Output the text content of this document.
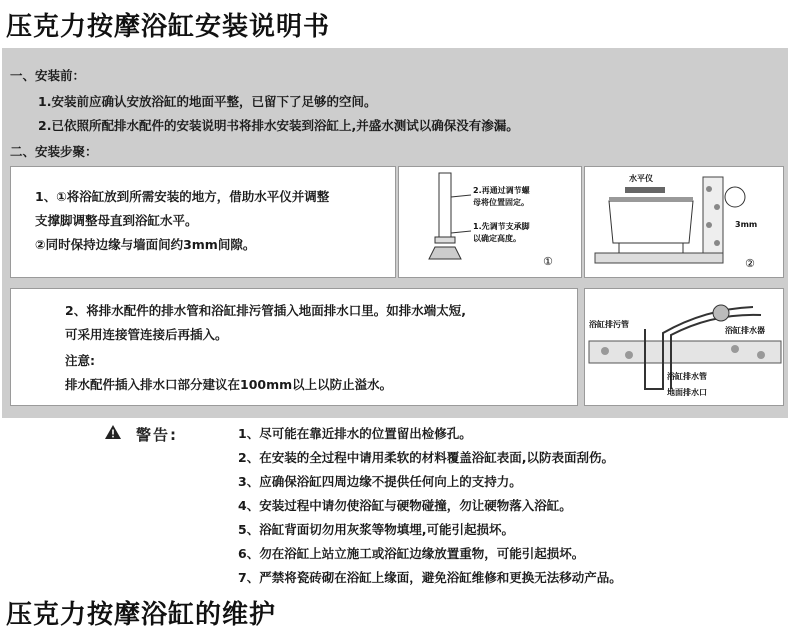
压克力按摩浴缸安装说明书
一、安装前：
1.安装前应确认安放浴缸的地面平整，已留下了足够的空间。
2.已依照所配排水配件的安装说明书将排水安装到浴缸上,并盛水测试以确保没有渗漏。
二、安装步聚：
1、①将浴缸放到所需安装的地方，借助水平仪并调整
支撑脚调整母直到浴缸水平。
②同时保持边缘与墙面间约3mm间隙。
2.再通过调节螺
母将位置固定。
1.先调节支承脚
以确定高度。
①
水平仪
3mm
②
2、将排水配件的排水管和浴缸排污管插入地面排水口里。如排水端太短,
可采用连接管连接后再插入。
注意:
排水配件插入排水口部分建议在100mm以上以防止溢水。
浴缸排污管
浴缸排水器
浴缸排水管
地面排水口
警告:	1、尽可能在靠近排水的位置留出检修孔。
2、在安装的全过程中请用柔软的材料覆盖浴缸表面,以防表面刮伤。
3、应确保浴缸四周边缘不提供任何向上的支持力。
4、安装过程中请勿使浴缸与硬物碰撞，勿让硬物落入浴缸。
5、浴缸背面切勿用灰浆等物填埋,可能引起损坏。
6、勿在浴缸上站立施工或浴缸边缘放置重物，可能引起损坏。
7、严禁将瓷砖砌在浴缸上缘面，避免浴缸维修和更换无法移动产品。
压克力按摩浴缸的维护
